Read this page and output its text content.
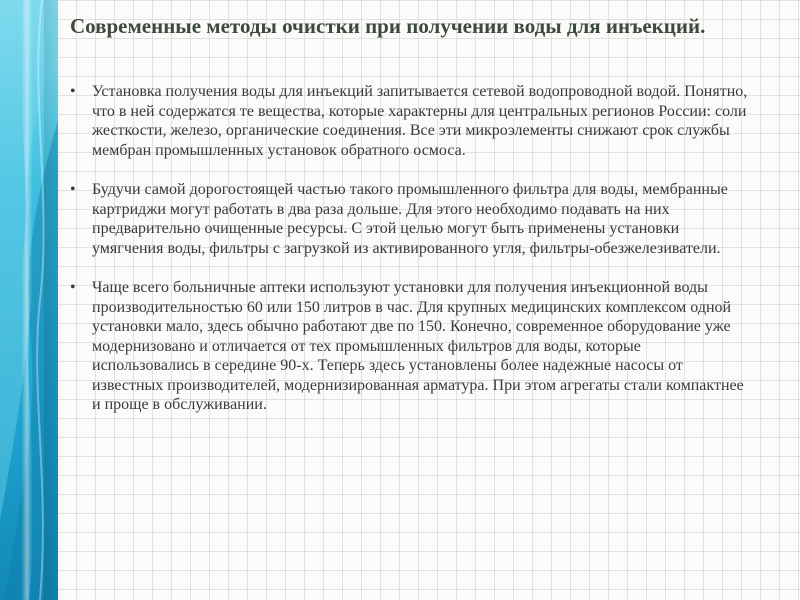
Современные методы очистки при получении воды для инъекций.
• Установка получения воды для инъекций запитывается сетевой водопроводной водой. Понятно, что в ней содержатся те вещества, которые характерны для центральных регионов России: соли жесткости, железо, органические соединения. Все эти микроэлементы снижают срок службы мембран промышленных установок обратного осмоса.
• Будучи самой дорогостоящей частью такого промышленного фильтра для воды, мембранные картриджи могут работать в два раза дольше. Для этого необходимо подавать на них предварительно очищенные ресурсы. С этой целью могут быть применены установки умягчения воды, фильтры с загрузкой из активированного угля, фильтры-обезжелезиватели.
• Чаще всего больничные аптеки используют установки для получения инъекционной воды производительностью 60 или 150 литров в час. Для крупных медицинских комплексом одной установки мало, здесь обычно работают две по 150. Конечно, современное оборудование уже модернизовано и отличается от тех промышленных фильтров для воды, которые использовались в середине 90-х. Теперь здесь установлены более надежные насосы от известных производителей, модернизированная арматура. При этом агрегаты стали компактнее и проще в обслуживании.
